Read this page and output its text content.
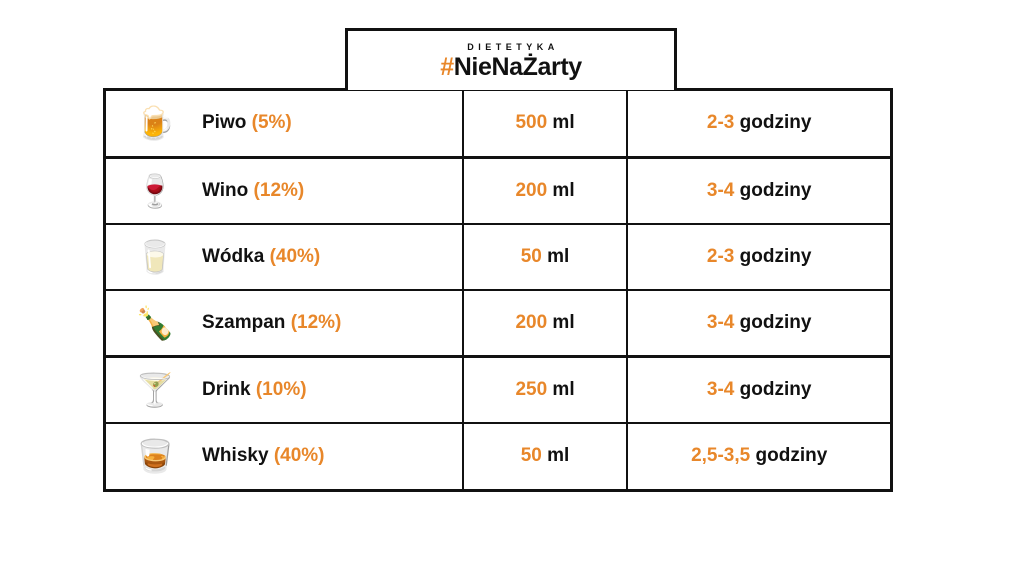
DIETETYKA
#NieNaŻarty
🍺 Piwo (5%)	500 ml	2-3 godziny

🍷 Wino (12%)	200 ml	3-4 godziny

🥛 Wódka (40%)	50 ml	2-3 godziny

🍾 Szampan (12%)	200 ml	3-4 godziny

🍸 Drink (10%)	250 ml	3-4 godziny

🥃 Whisky (40%)	50 ml	2,5-3,5 godziny
